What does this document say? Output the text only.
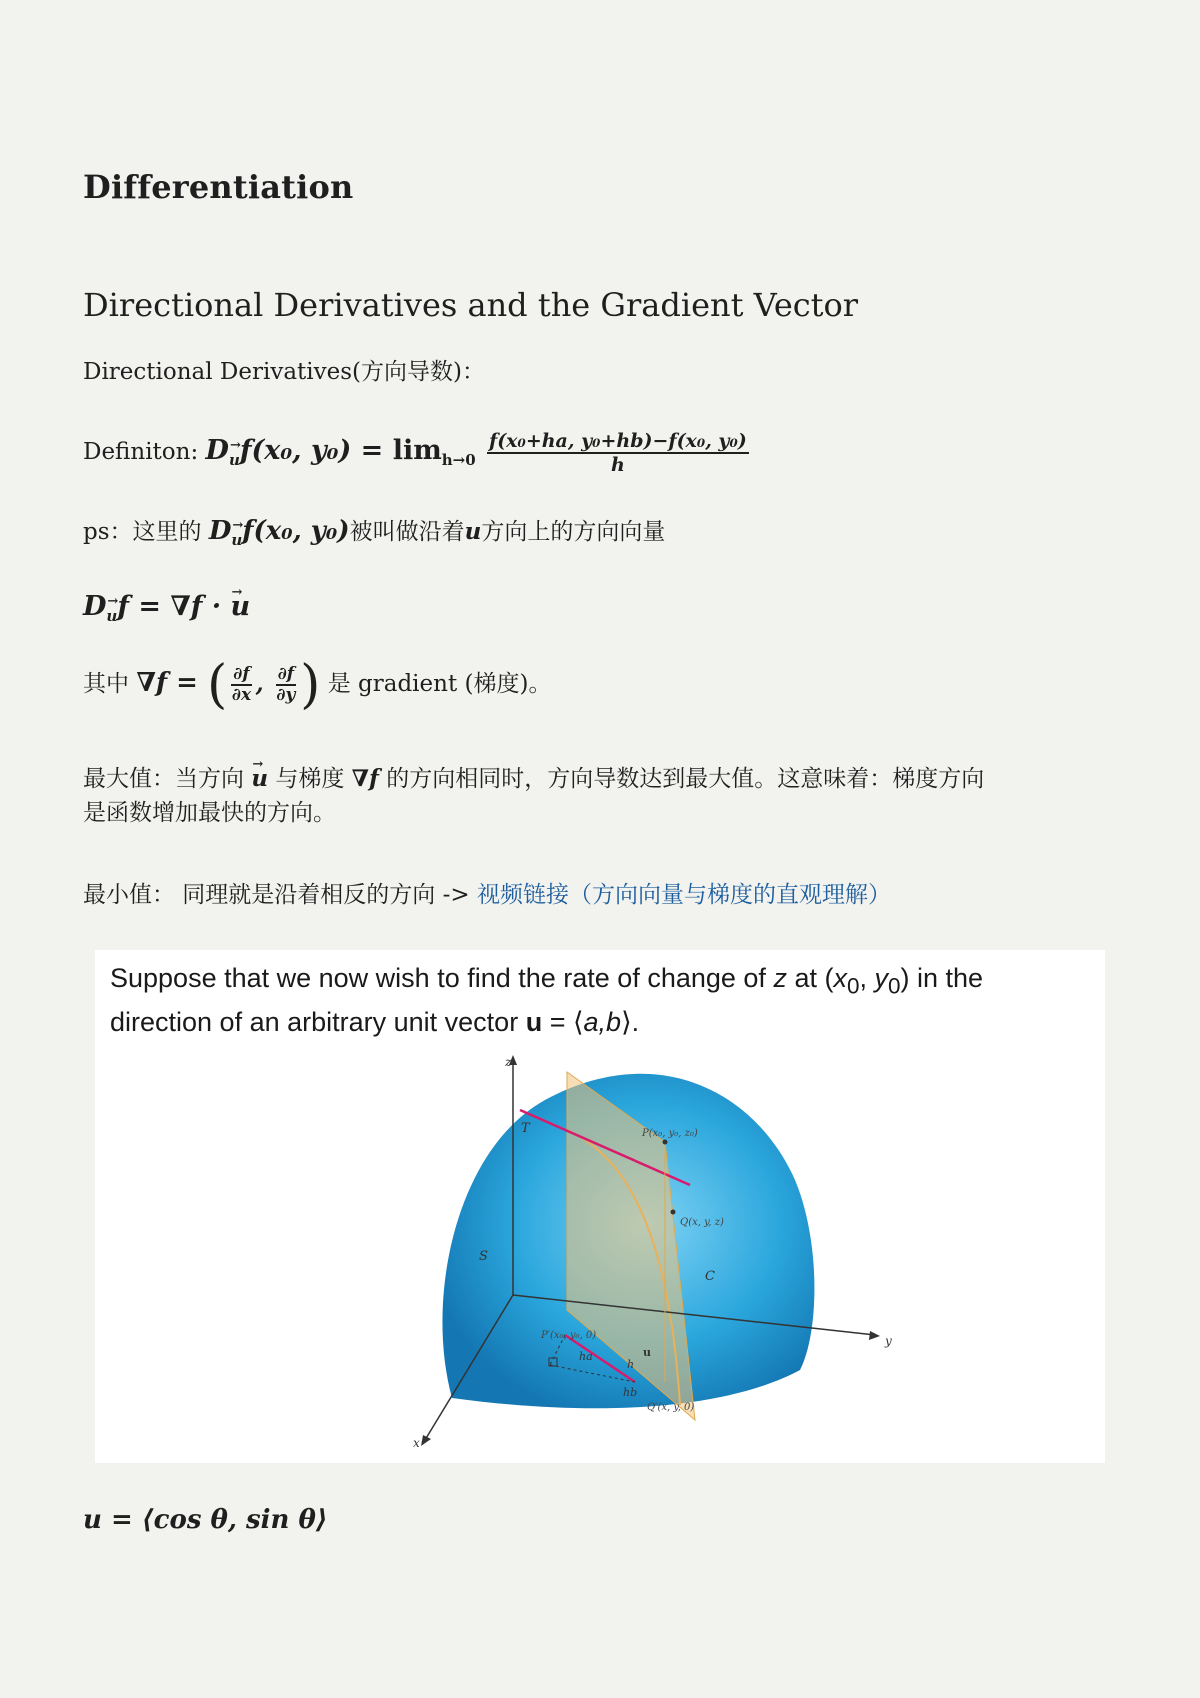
Differentiation
Directional Derivatives and the Gradient Vector
Directional Derivatives(方向导数)：
Definiton: D→ uf(x₀, $y_0) = \lim_{h\to 0} \frac{\text{f(x₀+ha, y₀+hb)−f(x₀, y₀)}}{h}$
ps：这里的 D→ uf(x₀, y₀)被叫做沿着u方向上的方向向量
D→ uf = ∇f · → u
其中 ∇f = ( $\frac{\partial f}{\partial x}$ , $\frac{\partial f}{\partial y}$ ) 是 gradient (梯度)。
最大值：当方向 → u 与梯度 ∇f 的方向相同时，方向导数达到最大值。这意味着：梯度方向
是函数增加最快的方向。
最小值： 同理就是沿着相反的方向 -> 视频链接（方向向量与梯度的直观理解）
Suppose that we now wish to find the rate of change of z at ($x_0$, $y_0$) in the
direction of an arbitrary unit vector u = ⟨a,b⟩.
z
y
x
T
S
C
P(x₀, y₀, z₀)
Q(x, y, z)
P′(x₀, y₀, 0)
Q′(x, y, 0)
u
ha
h
hb
u = ⟨cos θ, sin θ⟩
